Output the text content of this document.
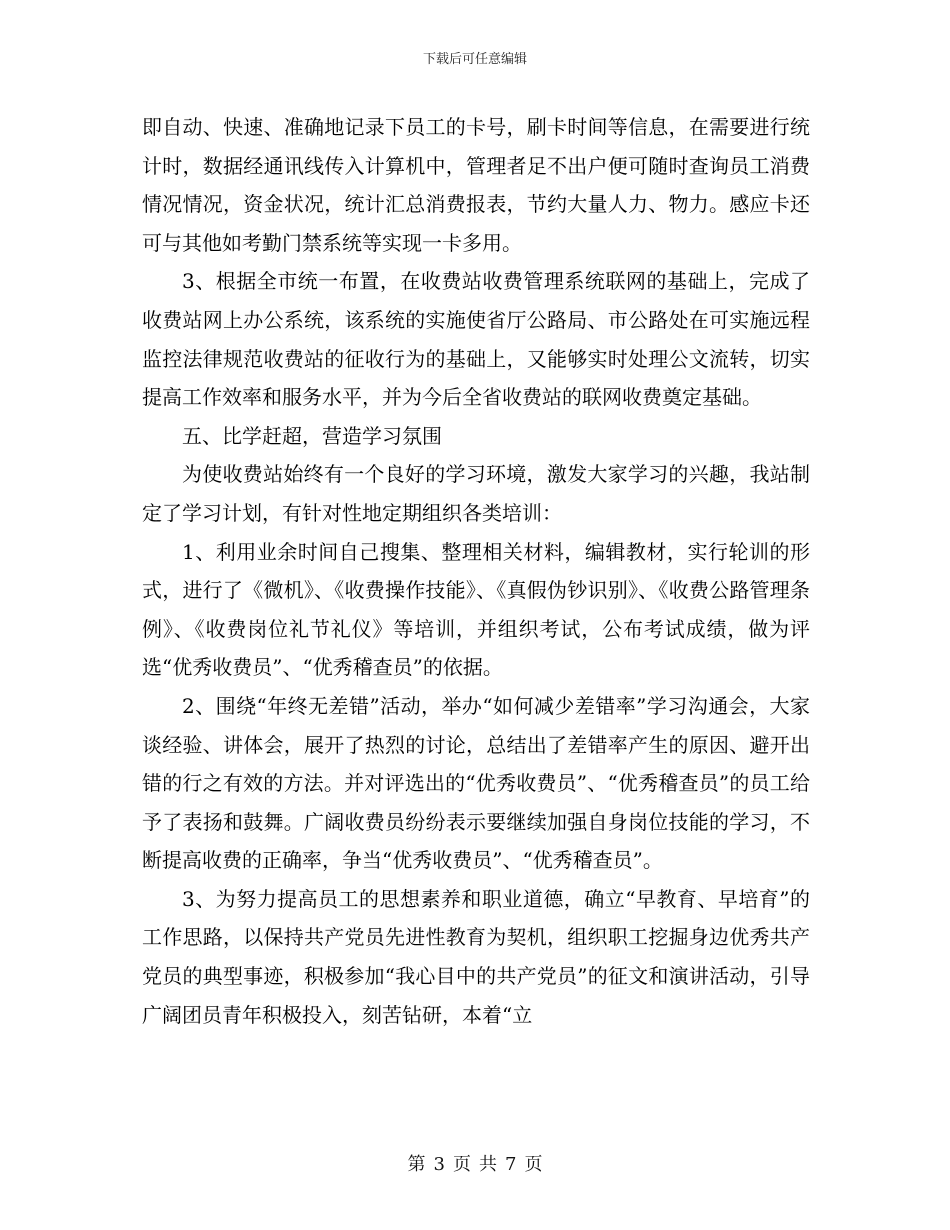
下载后可任意编辑

即自动、快速、准确地记录下员工的卡号，刷卡时间等信息，在需要进行统计时，数据经通讯线传入计算机中，管理者足不出户便可随时查询员工消费情况情况，资金状况，统计汇总消费报表，节约大量人力、物力。感应卡还可与其他如考勤门禁系统等实现一卡多用。

3、根据全市统一布置，在收费站收费管理系统联网的基础上，完成了收费站网上办公系统，该系统的实施使省厅公路局、市公路处在可实施远程监控法律规范收费站的征收行为的基础上，又能够实时处理公文流转，切实提高工作效率和服务水平，并为今后全省收费站的联网收费奠定基础。

五、比学赶超，营造学习氛围

为使收费站始终有一个良好的学习环境，激发大家学习的兴趣，我站制定了学习计划，有针对性地定期组织各类培训：

1、利用业余时间自己搜集、整理相关材料，编辑教材，实行轮训的形式，进行了《微机》、《收费操作技能》、《真假伪钞识别》、《收费公路管理条例》、《收费岗位礼节礼仪》等培训，并组织考试，公布考试成绩，做为评选“优秀收费员”、“优秀稽查员”的依据。

2、围绕“年终无差错”活动，举办“如何减少差错率”学习沟通会，大家谈经验、讲体会，展开了热烈的讨论，总结出了差错率产生的原因、避开出错的行之有效的方法。并对评选出的“优秀收费员”、“优秀稽查员”的员工给予了表扬和鼓舞。广阔收费员纷纷表示要继续加强自身岗位技能的学习，不断提高收费的正确率，争当“优秀收费员”、“优秀稽查员”。

3、为努力提高员工的思想素养和职业道德，确立“早教育、早培育”的工作思路，以保持共产党员先进性教育为契机，组织职工挖掘身边优秀共产党员的典型事迹，积极参加“我心目中的共产党员”的征文和演讲活动，引导广阔团员青年积极投入，刻苦钻研，本着“立

第 3 页 共 7 页
